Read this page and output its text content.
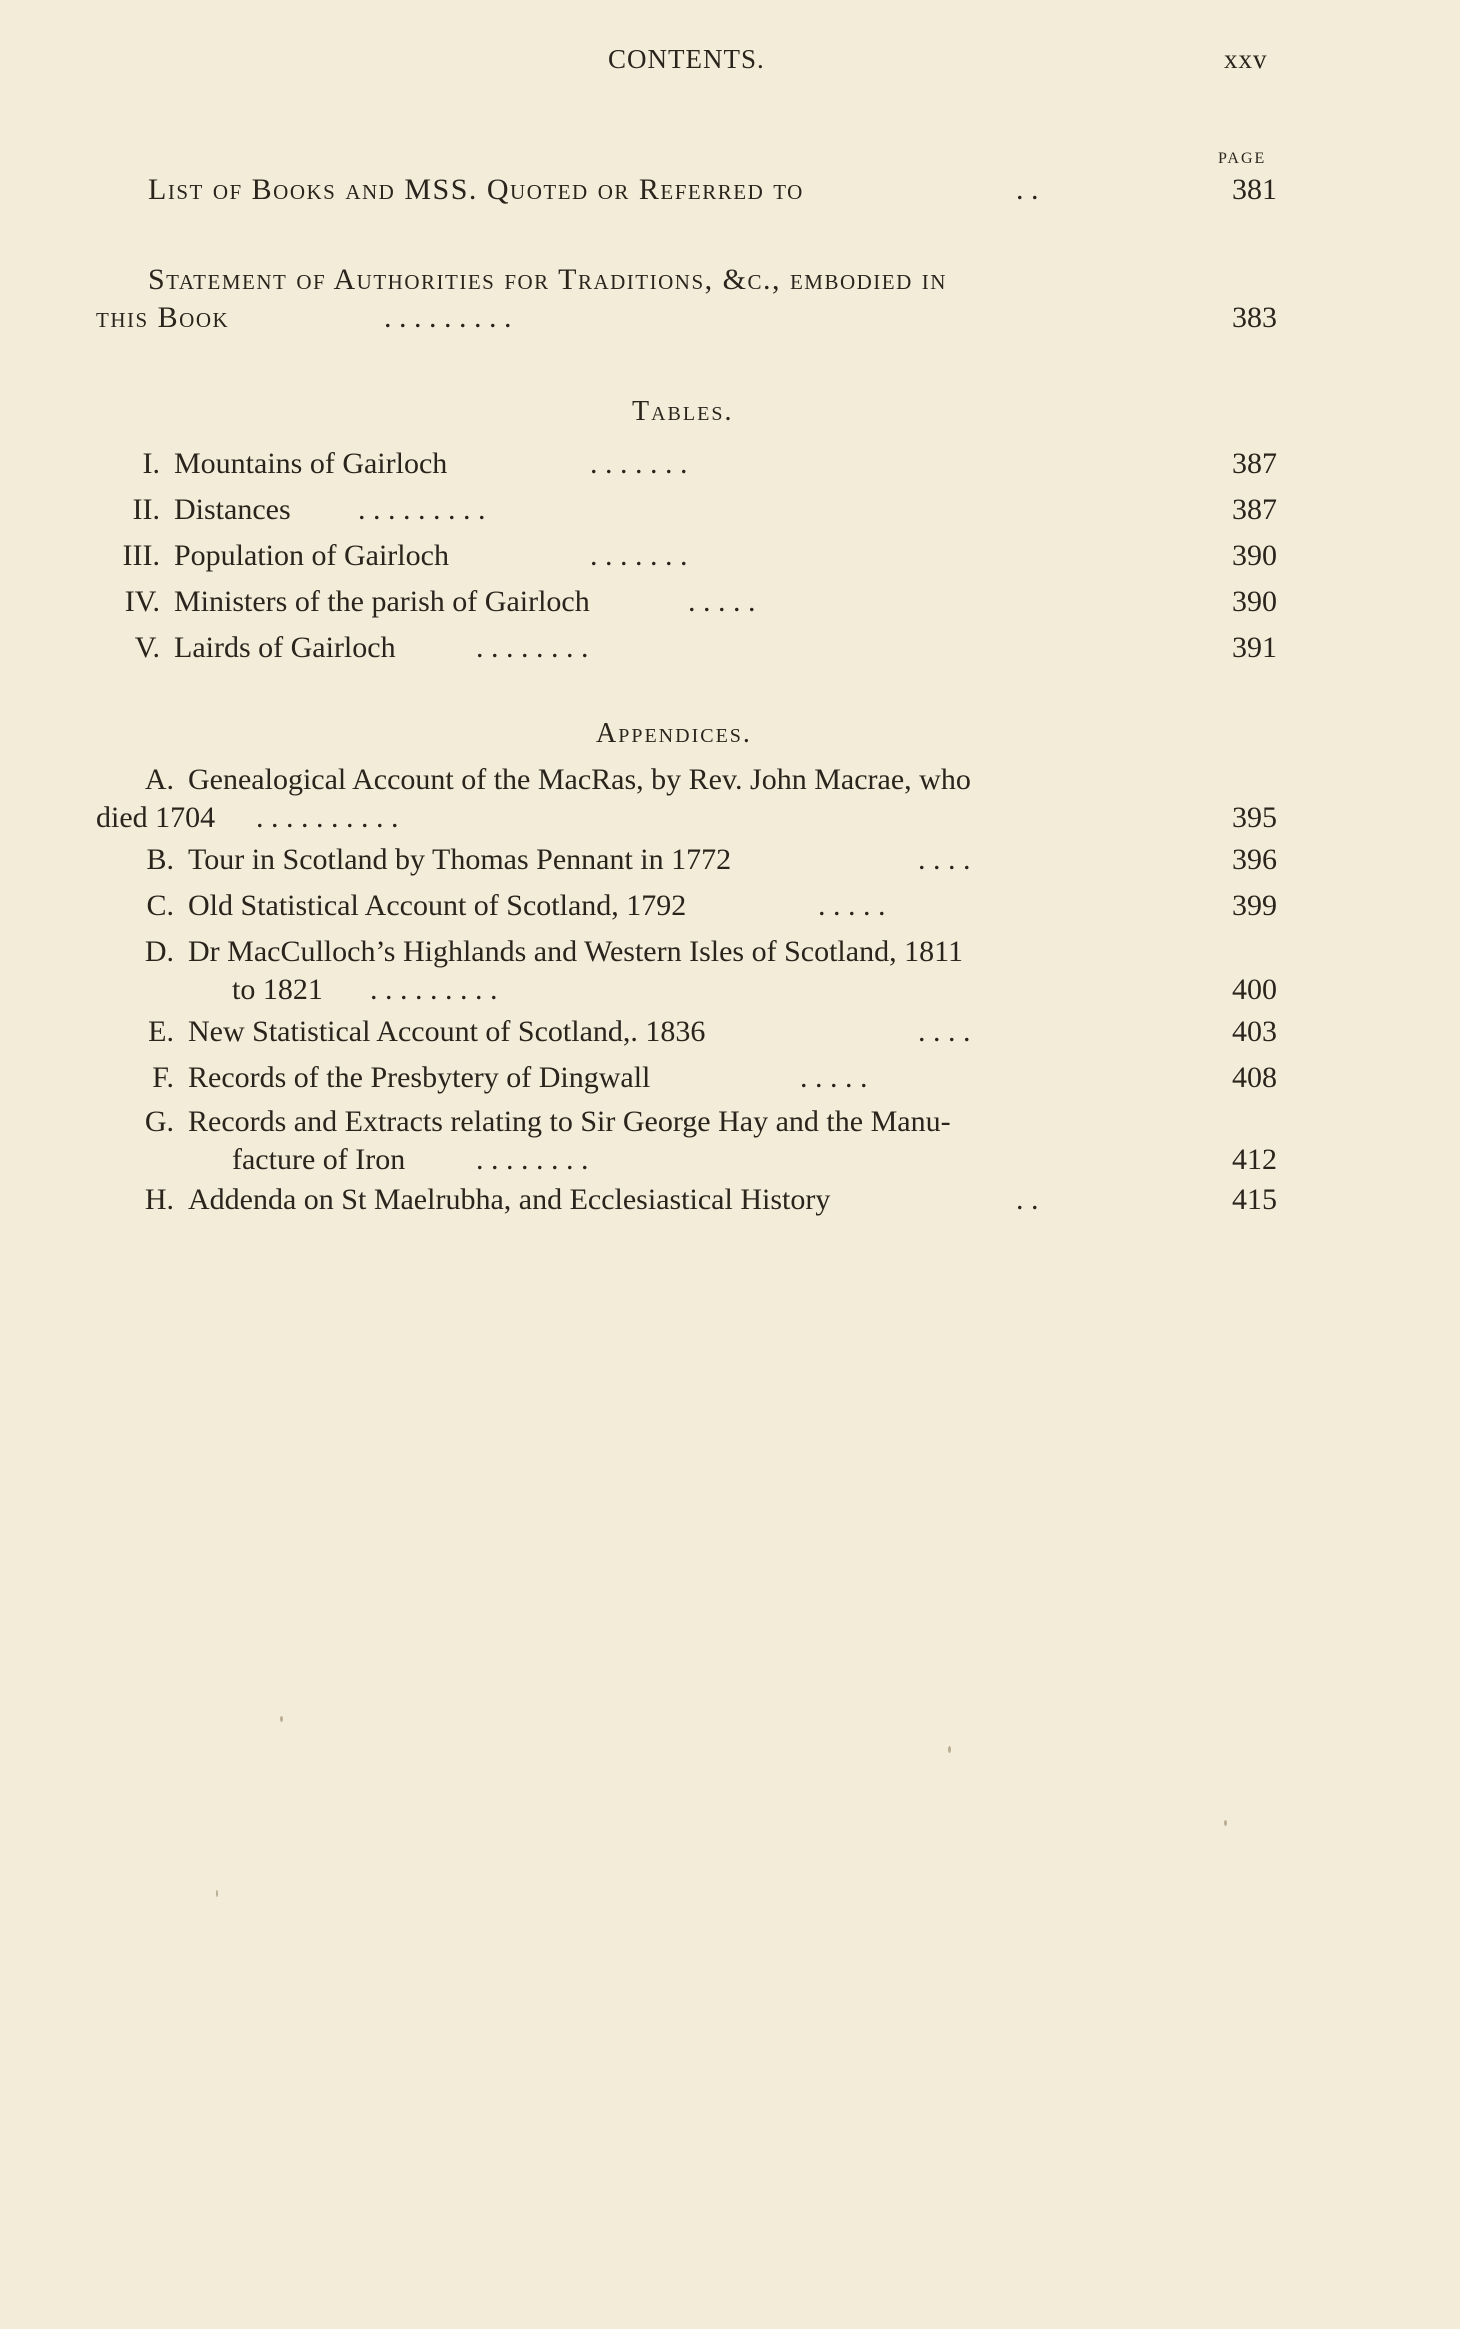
CONTENTS.	xxv
PAGE
List of Books and MSS. Quoted or Referred to	. .	381
Statement of Authorities for Traditions, &c., embodied in
this Book	. . . . . . . . .	383
Tables.
I. Mountains of Gairloch	. . . . . . .	387
II. Distances . . . . . . . . .	387
III. Population of Gairloch	. . . . . . .	390
IV. Ministers of the parish of Gairloch	. . . . .	390
V. Lairds of Gairloch	. . . . . . . .	391
Appendices.
A. Genealogical Account of the MacRas, by Rev. John Macrae, who
died 1704 . . . . . . . . . .	395
B. Tour in Scotland by Thomas Pennant in 1772	. . . .	396
C. Old Statistical Account of Scotland, 1792	. . . . .	399
D. Dr MacCulloch’s Highlands and Western Isles of Scotland, 1811
to 1821 . . . . . . . . .	400
E. New Statistical Account of Scotland,. 1836	. . . .	403
F. Records of the Presbytery of Dingwall	. . . . .	408
G. Records and Extracts relating to Sir George Hay and the Manu-
facture of Iron . . . . . . . .	412
H. Addenda on St Maelrubha, and Ecclesiastical History	. .	415
